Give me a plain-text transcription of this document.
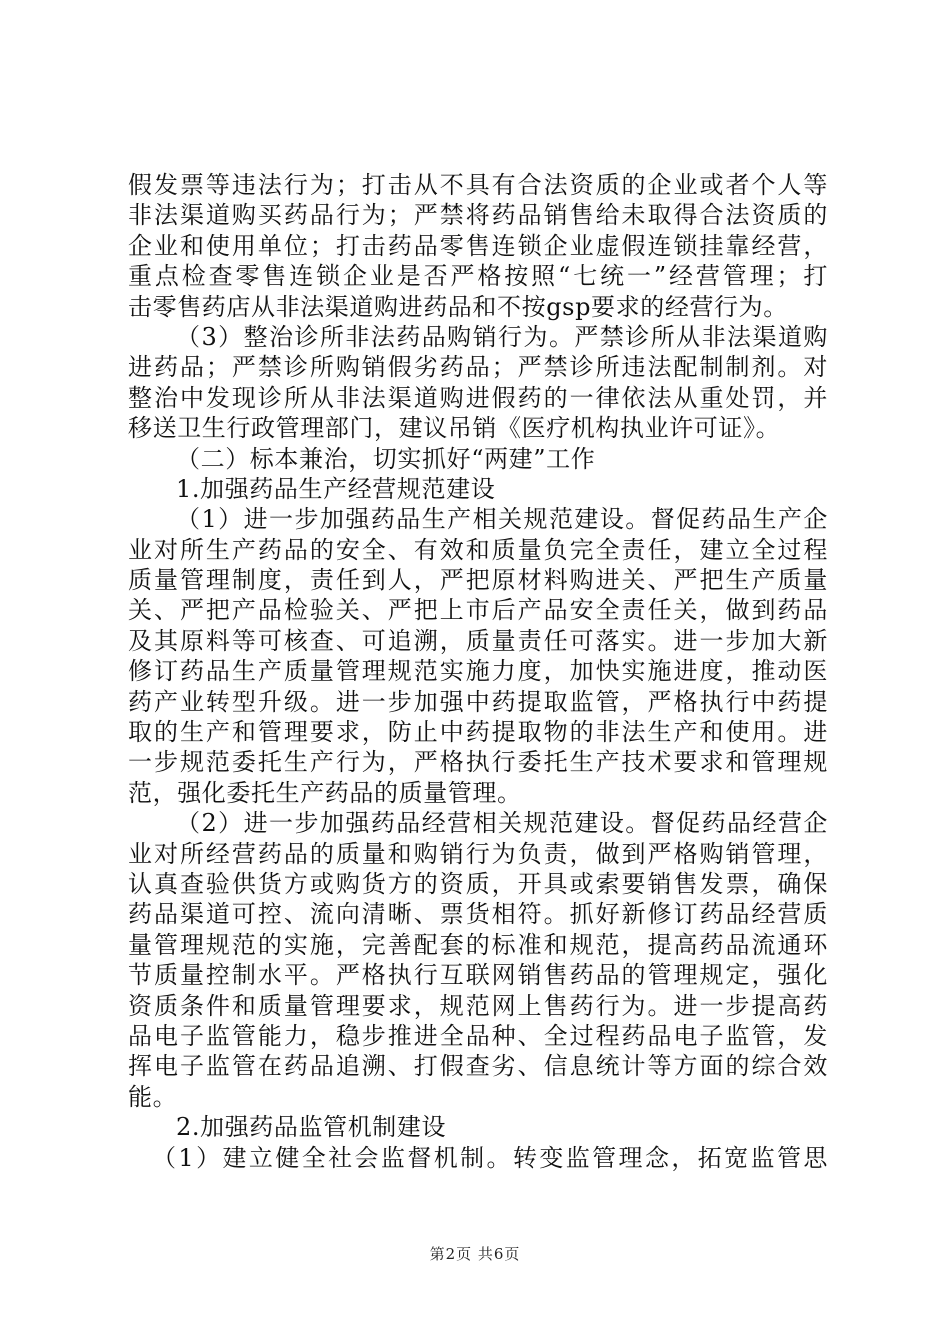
假发票等违法行为；打击从不具有合法资质的企业或者个人等
非法渠道购买药品行为；严禁将药品销售给未取得合法资质的
企业和使用单位；打击药品零售连锁企业虚假连锁挂靠经营，
重点检查零售连锁企业是否严格按照“七统一”经营管理；打
击零售药店从非法渠道购进药品和不按gsp要求的经营行为。
（3）整治诊所非法药品购销行为。严禁诊所从非法渠道购
进药品；严禁诊所购销假劣药品；严禁诊所违法配制制剂。对
整治中发现诊所从非法渠道购进假药的一律依法从重处罚，并
移送卫生行政管理部门，建议吊销《医疗机构执业许可证》。
（二）标本兼治，切实抓好“两建”工作
1.加强药品生产经营规范建设
（1）进一步加强药品生产相关规范建设。督促药品生产企
业对所生产药品的安全、有效和质量负完全责任，建立全过程
质量管理制度，责任到人，严把原材料购进关、严把生产质量
关、严把产品检验关、严把上市后产品安全责任关，做到药品
及其原料等可核查、可追溯，质量责任可落实。进一步加大新
修订药品生产质量管理规范实施力度，加快实施进度，推动医
药产业转型升级。进一步加强中药提取监管，严格执行中药提
取的生产和管理要求，防止中药提取物的非法生产和使用。进
一步规范委托生产行为，严格执行委托生产技术要求和管理规
范，强化委托生产药品的质量管理。
（2）进一步加强药品经营相关规范建设。督促药品经营企
业对所经营药品的质量和购销行为负责，做到严格购销管理，
认真查验供货方或购货方的资质，开具或索要销售发票，确保
药品渠道可控、流向清晰、票货相符。抓好新修订药品经营质
量管理规范的实施，完善配套的标准和规范，提高药品流通环
节质量控制水平。严格执行互联网销售药品的管理规定，强化
资质条件和质量管理要求，规范网上售药行为。进一步提高药
品电子监管能力，稳步推进全品种、全过程药品电子监管，发
挥电子监管在药品追溯、打假查劣、信息统计等方面的综合效
能。
2.加强药品监管机制建设
（1）建立健全社会监督机制。转变监管理念，拓宽监管思
第2页 共6页
